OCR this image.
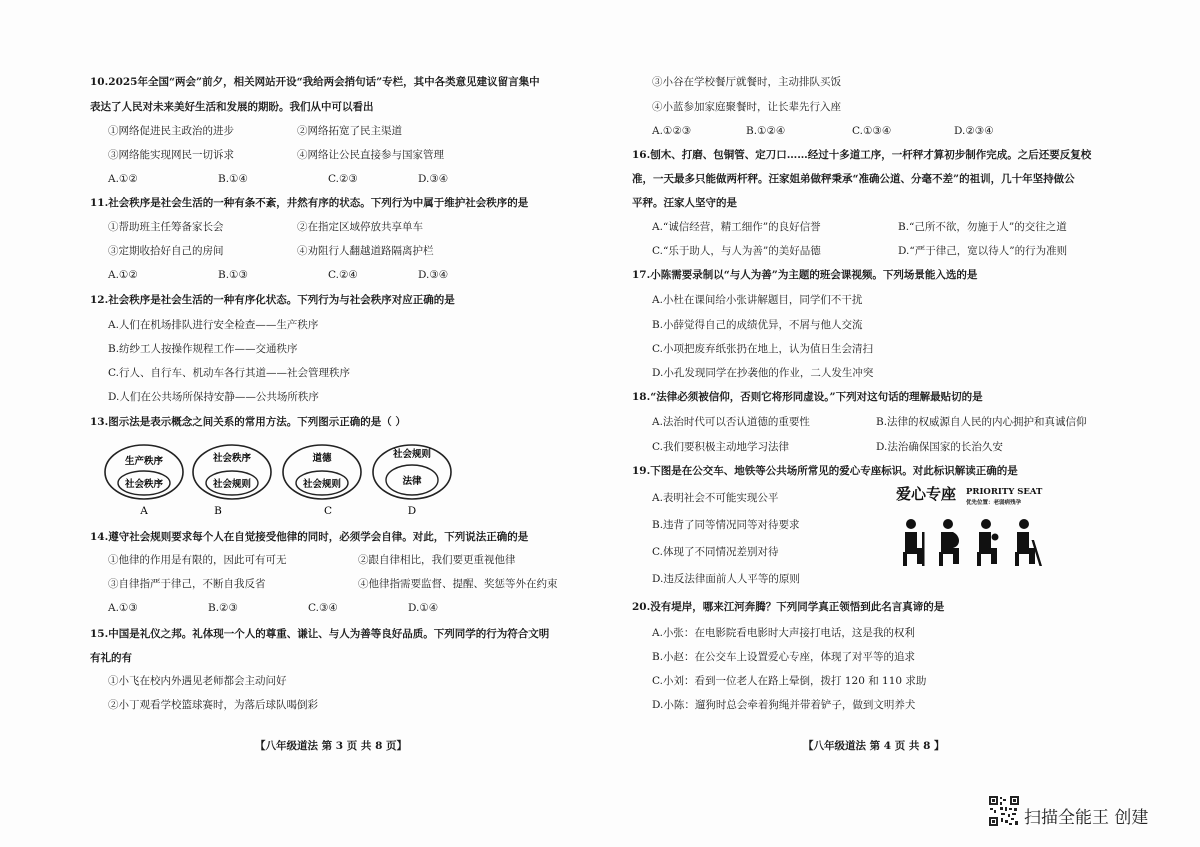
10.2025年全国“两会”前夕，相关网站开设“我给两会捎句话”专栏，其中各类意见建议留言集中
表达了人民对未来美好生活和发展的期盼。我们从中可以看出
①网络促进民主政治的进步	②网络拓宽了民主渠道
③网络能实现网民一切诉求	④网络让公民直接参与国家管理
A.①②	B.①④	C.②③	D.③④
11.社会秩序是社会生活的一种有条不紊，井然有序的状态。下列行为中属于维护社会秩序的是
①帮助班主任筹备家长会	②在指定区域停放共享单车
③定期收拾好自己的房间	④劝阻行人翻越道路隔离护栏
A.①②	B.①③	C.②④	D.③④
12.社会秩序是社会生活的一种有序化状态。下列行为与社会秩序对应正确的是
A.人们在机场排队进行安全检查——生产秩序
B.纺纱工人按操作规程工作——交通秩序
C.行人、自行车、机动车各行其道——社会管理秩序
D.人们在公共场所保持安静——公共场所秩序
13.图示法是表示概念之间关系的常用方法。下列图示正确的是（ ）
生产秩序
社会秩序
A
社会秩序
社会规则
B
道德
社会规则
C
社会规则
法律
D
14.遵守社会规则要求每个人在自觉接受他律的同时，必须学会自律。对此，下列说法正确的是
①他律的作用是有限的，因此可有可无	②跟自律相比，我们要更重视他律
③自律指严于律己，不断自我反省	④他律指需要监督、提醒、奖惩等外在约束
A.①③	B.②③	C.③④	D.①④
15.中国是礼仪之邦。礼体现一个人的尊重、谦让、与人为善等良好品质。下列同学的行为符合文明
有礼的有
①小飞在校内外遇见老师都会主动问好
②小丁观看学校篮球赛时，为落后球队喝倒彩
【八年级道法 第 3 页 共 8 页】
③小谷在学校餐厅就餐时，主动排队买饭
④小蓝参加家庭聚餐时，让长辈先行入座
A.①②③	B.①②④	C.①③④	D.②③④
16.刨木、打磨、包铜管、定刀口……经过十多道工序，一杆秤才算初步制作完成。之后还要反复校
准，一天最多只能做两杆秤。汪家姐弟做秤秉承“准确公道、分毫不差”的祖训，几十年坚持做公
平秤。汪家人坚守的是
A.“诚信经营，精工细作”的良好信誉	B.“己所不欲，勿施于人”的交往之道
C.“乐于助人，与人为善”的美好品德	D.“严于律己，宽以待人”的行为准则
17.小陈需要录制以“与人为善”为主题的班会课视频。下列场景能入选的是
A.小杜在课间给小张讲解题目，同学们不干扰
B.小薛觉得自己的成绩优异，不屑与他人交流
C.小项把废弃纸张扔在地上，认为值日生会清扫
D.小孔发现同学在抄袭他的作业，二人发生冲突
18.“法律必须被信仰，否则它将形同虚设。”下列对这句话的理解最贴切的是
A.法治时代可以否认道德的重要性	B.法律的权威源自人民的内心拥护和真诚信仰
C.我们要积极主动地学习法律	D.法治确保国家的长治久安
19.下图是在公交车、地铁等公共场所常见的爱心专座标识。对此标识解读正确的是
A.表明社会不可能实现公平
B.违背了同等情况同等对待要求
C.体现了不同情况差别对待
D.违反法律面前人人平等的原则
爱心专座 PRIORITY SEAT
优先位置：老弱病残孕
20.没有堤岸，哪来江河奔腾？下列同学真正领悟到此名言真谛的是
A.小张：在电影院看电影时大声接打电话，这是我的权利
B.小赵：在公交车上设置爱心专座，体现了对平等的追求
C.小刘：看到一位老人在路上晕倒，拨打 120 和 110 求助
D.小陈：遛狗时总会牵着狗绳并带着铲子，做到文明养犬
【八年级道法 第 4 页 共 8 】
扫描全能王 创建
